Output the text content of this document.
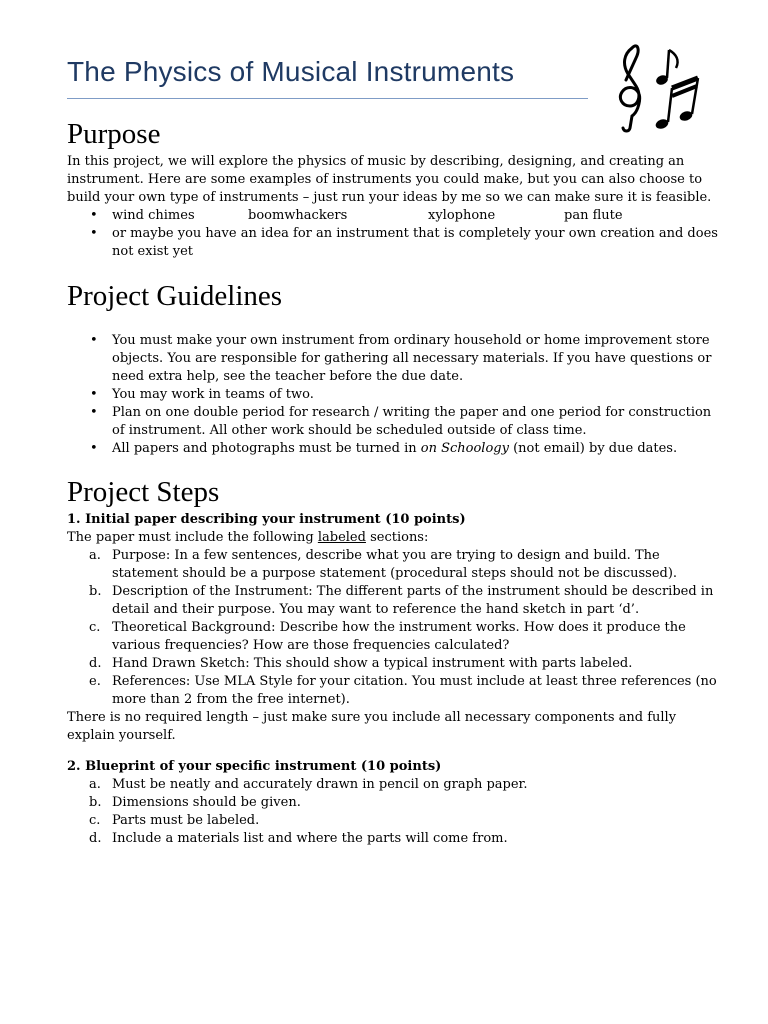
The Physics of Musical Instruments
Purpose

In this project, we will explore the physics of music by describing, designing, and creating an instrument. Here are some examples of instruments you could make, but you can also choose to build your own type of instruments – just run your ideas by me so we can make sure it is feasible.

• wind chimes	boomwhackers	xylophone	pan flute
• or maybe you have an idea for an instrument that is completely your own creation and does not exist yet
Project Guidelines
• You must make your own instrument from ordinary household or home improvement store objects. You are responsible for gathering all necessary materials. If you have questions or need extra help, see the teacher before the due date.
• You may work in teams of two.
• Plan on one double period for research / writing the paper and one period for construction of instrument. All other work should be scheduled outside of class time.
• All papers and photographs must be turned in on Schoology (not email) by due dates.
Project Steps

1. Initial paper describing your instrument (10 points)

The paper must include the following labeled sections:

a. Purpose: In a few sentences, describe what you are trying to design and build. The statement should be a purpose statement (procedural steps should not be discussed).
b. Description of the Instrument: The different parts of the instrument should be described in detail and their purpose. You may want to reference the hand sketch in part ‘d’.
c. Theoretical Background: Describe how the instrument works. How does it produce the various frequencies? How are those frequencies calculated?
d. Hand Drawn Sketch: This should show a typical instrument with parts labeled.
e. References: Use MLA Style for your citation. You must include at least three references (no more than 2 from the free internet).

There is no required length – just make sure you include all necessary components and fully explain yourself.

2. Blueprint of your specific instrument (10 points)

a. Must be neatly and accurately drawn in pencil on graph paper.
b. Dimensions should be given.
c. Parts must be labeled.
d. Include a materials list and where the parts will come from.
